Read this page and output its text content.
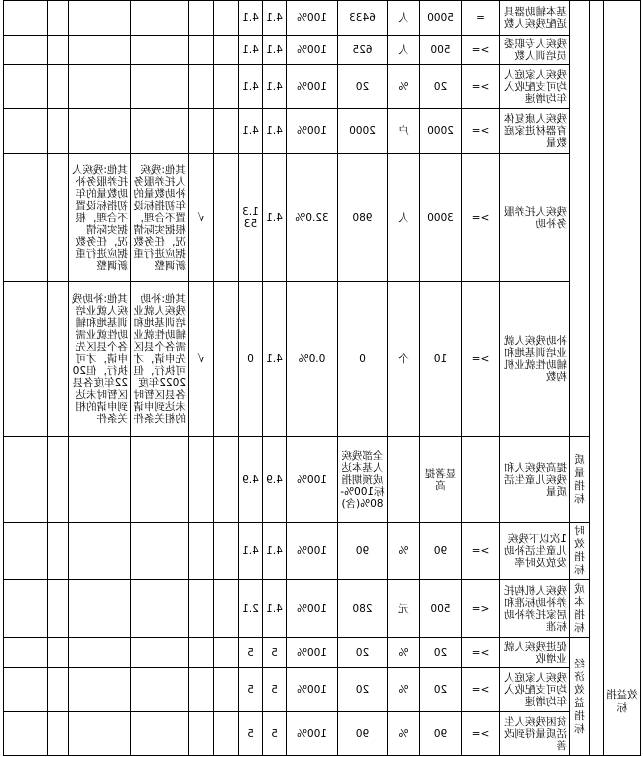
效益指标			基本辅助器具适配残疾人数	=	5000	人	6433	100%	4.1	4.1						
			残疾人专职委员培训人数	>=	500	人	625	100%	4.1	4.1						
			残疾人家庭人均可支配收入年均增速	>=	20	%	20	100%	4.1	4.1						
			残疾人康复体育器材进家庭数量	>=	2000	户	2000	100%	4.1	4.1						
			残疾人托养服务补助	>=	3000	人	980	32.0%	4.1	1.353		√	其他:残疾人托养服务补助数量的年初指标设置不合理，根据实际情况，任务数据应进行重新调整	其他:残疾人托养服务补助数量的年初指标设置不合理，根据实际情况，任务数据应进行重新调整		
			补助残疾人就业培训基地和辅助性就业机构数	>=	10	个	0	0.0%	4.1	0		√	其他:补助残疾人就业培训基地和辅助性就业需各个县区先申请，才可执行，但2022年度各县区暂时未达到申请的相关条件	其他:补助残疾人就业培训基地和辅助性就业需各个县区先申请，才可执行，但2022年度各县区暂时未达到申请的相关条件		
		质量指标	提高残疾人和残疾儿童生活质量		显著提高		全部残疾人基本达成预期指标100%-80%(含)	100%	4.9	4.9						
		时效指标	1次以下残疾儿童生活补助发放及时率	>=	90	%	90	100%	4.1	4.1						
		成本指标	残疾人机构托养补助标准和居家托养补助标准	<=	500	元	280	100%	4.1	2.1						
		经济效益指标	促进残疾人就业增收	>=	20	%	20	100%	5	5						
			残疾人家庭人均可支配收入年均增速	>=	20	%	20	100%	5	5						
			贫困残疾人生活质量得到改善	>=	90	%	90	100%	5	5						
